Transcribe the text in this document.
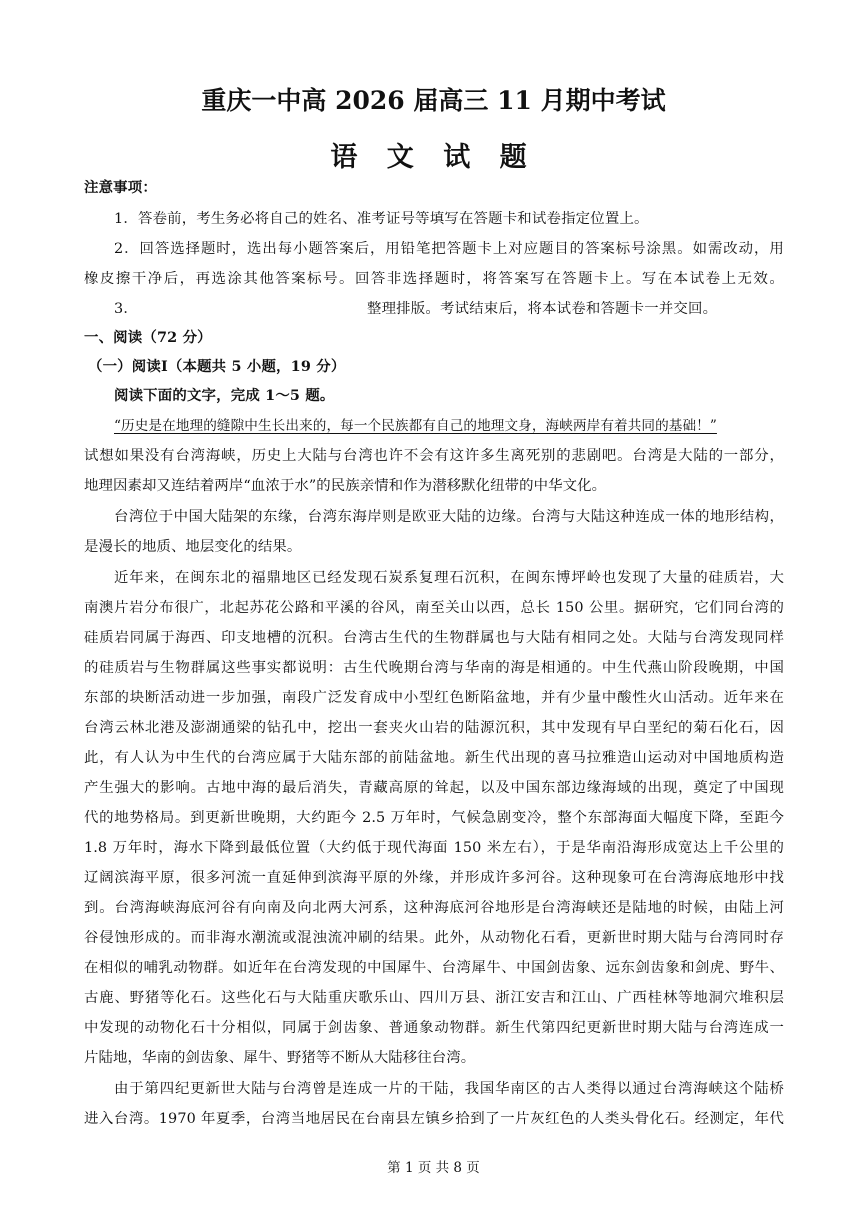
重庆一中高 2026 届高三 11 月期中考试
语 文 试 题
注意事项：
1．答卷前，考生务必将自己的姓名、准考证号等填写在答题卡和试卷指定位置上。
2．回答选择题时，选出每小题答案后，用铅笔把答题卡上对应题目的答案标号涂黑。如需改动，用
橡皮擦干净后，再选涂其他答案标号。回答非选择题时，将答案写在答题卡上。写在本试卷上无效。
3．	整理排版。考试结束后，将本试卷和答题卡一并交回。
一、阅读（72 分）
（一）阅读Ⅰ（本题共 5 小题，19 分）
阅读下面的文字，完成 1～5 题。
“历史是在地理的缝隙中生长出来的，每一个民族都有自己的地理文身，海峡两岸有着共同的基础！”
试想如果没有台湾海峡，历史上大陆与台湾也许不会有这许多生离死别的悲剧吧。台湾是大陆的一部分，
地理因素却又连结着两岸“血浓于水”的民族亲情和作为潜移默化纽带的中华文化。
台湾位于中国大陆架的东缘，台湾东海岸则是欧亚大陆的边缘。台湾与大陆这种连成一体的地形结构，
是漫长的地质、地层变化的结果。
近年来，在闽东北的福鼎地区已经发现石炭系复理石沉积，在闽东博坪岭也发现了大量的硅质岩，大
南澳片岩分布很广，北起苏花公路和平溪的谷风，南至关山以西，总长 150 公里。据研究，它们同台湾的
硅质岩同属于海西、印支地槽的沉积。台湾古生代的生物群属也与大陆有相同之处。大陆与台湾发现同样
的硅质岩与生物群属这些事实都说明：古生代晚期台湾与华南的海是相通的。中生代燕山阶段晚期，中国
东部的块断活动进一步加强，南段广泛发育成中小型红色断陷盆地，并有少量中酸性火山活动。近年来在
台湾云林北港及澎湖通梁的钻孔中，挖出一套夹火山岩的陆源沉积，其中发现有早白垩纪的菊石化石，因
此，有人认为中生代的台湾应属于大陆东部的前陆盆地。新生代出现的喜马拉雅造山运动对中国地质构造
产生强大的影响。古地中海的最后消失，青藏高原的耸起，以及中国东部边缘海域的出现，奠定了中国现
代的地势格局。到更新世晚期，大约距今 2.5 万年时，气候急剧变冷，整个东部海面大幅度下降，至距今
1.8 万年时，海水下降到最低位置（大约低于现代海面 150 米左右），于是华南沿海形成宽达上千公里的
辽阔滨海平原，很多河流一直延伸到滨海平原的外缘，并形成许多河谷。这种现象可在台湾海底地形中找
到。台湾海峡海底河谷有向南及向北两大河系，这种海底河谷地形是台湾海峡还是陆地的时候，由陆上河
谷侵蚀形成的。而非海水潮流或混浊流冲刷的结果。此外，从动物化石看，更新世时期大陆与台湾同时存
在相似的哺乳动物群。如近年在台湾发现的中国犀牛、台湾犀牛、中国剑齿象、远东剑齿象和剑虎、野牛、
古鹿、野猪等化石。这些化石与大陆重庆歌乐山、四川万县、浙江安吉和江山、广西桂林等地洞穴堆积层
中发现的动物化石十分相似，同属于剑齿象、普通象动物群。新生代第四纪更新世时期大陆与台湾连成一
片陆地，华南的剑齿象、犀牛、野猪等不断从大陆移往台湾。
由于第四纪更新世大陆与台湾曾是连成一片的干陆，我国华南区的古人类得以通过台湾海峡这个陆桥
进入台湾。1970 年夏季，台湾当地居民在台南县左镇乡拾到了一片灰红色的人类头骨化石。经测定，年代
第 1 页 共 8 页
